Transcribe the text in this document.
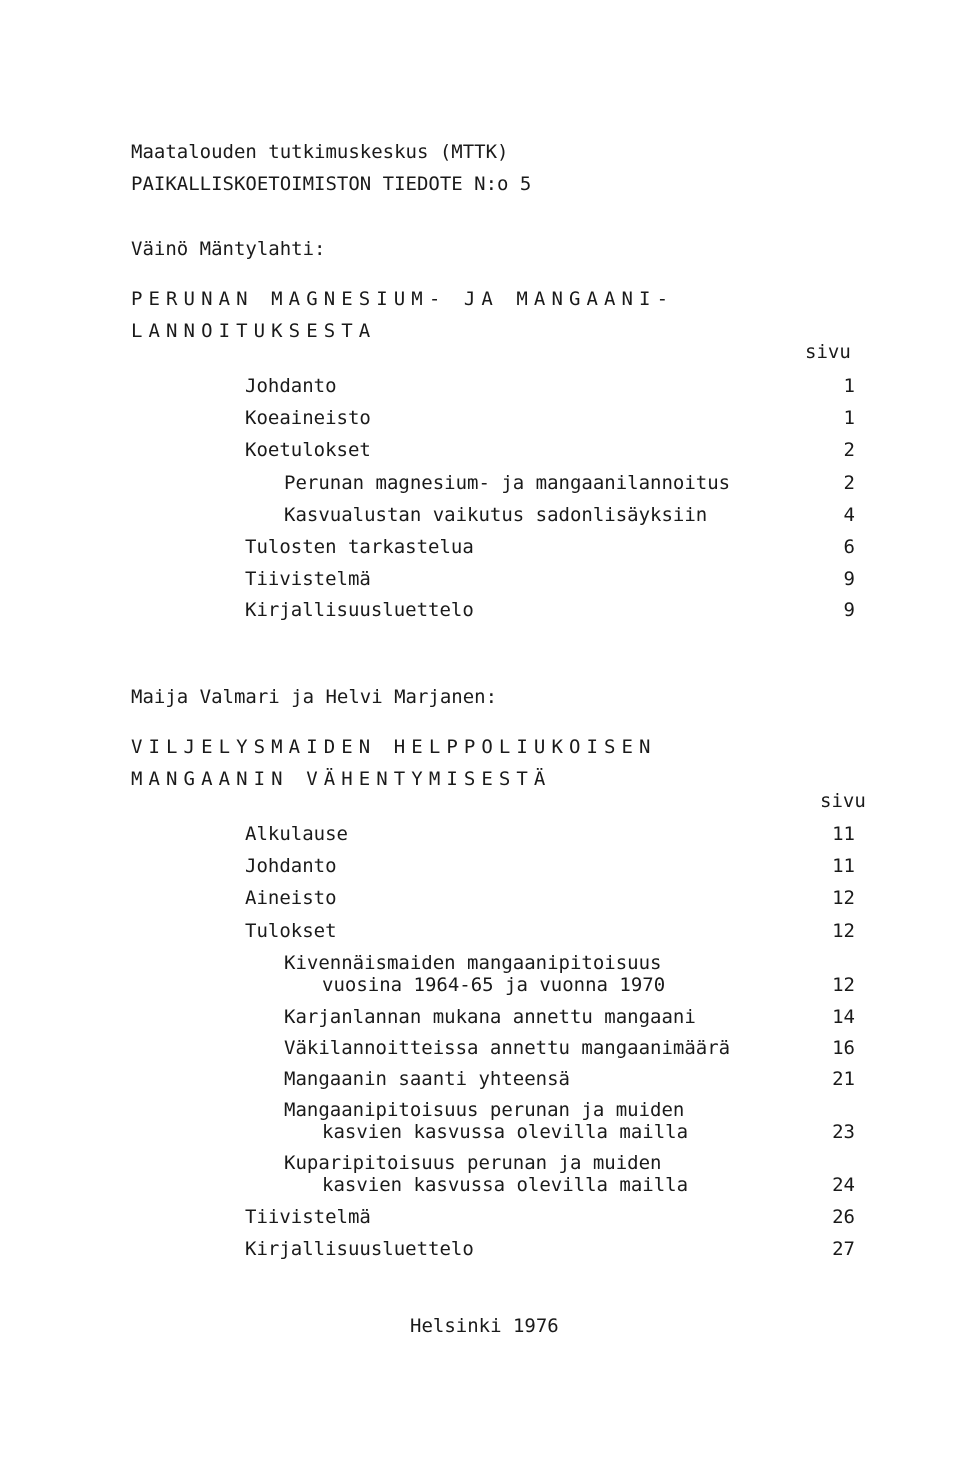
Maatalouden tutkimuskeskus (MTTK)
PAIKALLISKOETOIMISTON TIEDOTE N:o 5
Väinö Mäntylahti:
PERUNAN MAGNESIUM- JA MANGAANI-
LANNOITUKSESTA
sivu
Johdanto	1
Koeaineisto	1
Koetulokset	2
Perunan magnesium- ja mangaanilannoitus	2
Kasvualustan vaikutus sadonlisäyksiin	4
Tulosten tarkastelua	6
Tiivistelmä	9
Kirjallisuusluettelo	9
Maija Valmari ja Helvi Marjanen:
VILJELYSMAIDEN HELPPOLIUKOISEN
MANGAANIN VÄHENTYMISESTÄ
sivu
Alkulause	11
Johdanto	11
Aineisto	12
Tulokset	12
Kivennäismaiden mangaanipitoisuus
vuosina 1964-65 ja vuonna 1970	12
Karjanlannan mukana annettu mangaani	14
Väkilannoitteissa annettu mangaanimäärä	16
Mangaanin saanti yhteensä	21
Mangaanipitoisuus perunan ja muiden
kasvien kasvussa olevilla mailla	23
Kuparipitoisuus perunan ja muiden
kasvien kasvussa olevilla mailla	24
Tiivistelmä	26
Kirjallisuusluettelo	27
Helsinki 1976
